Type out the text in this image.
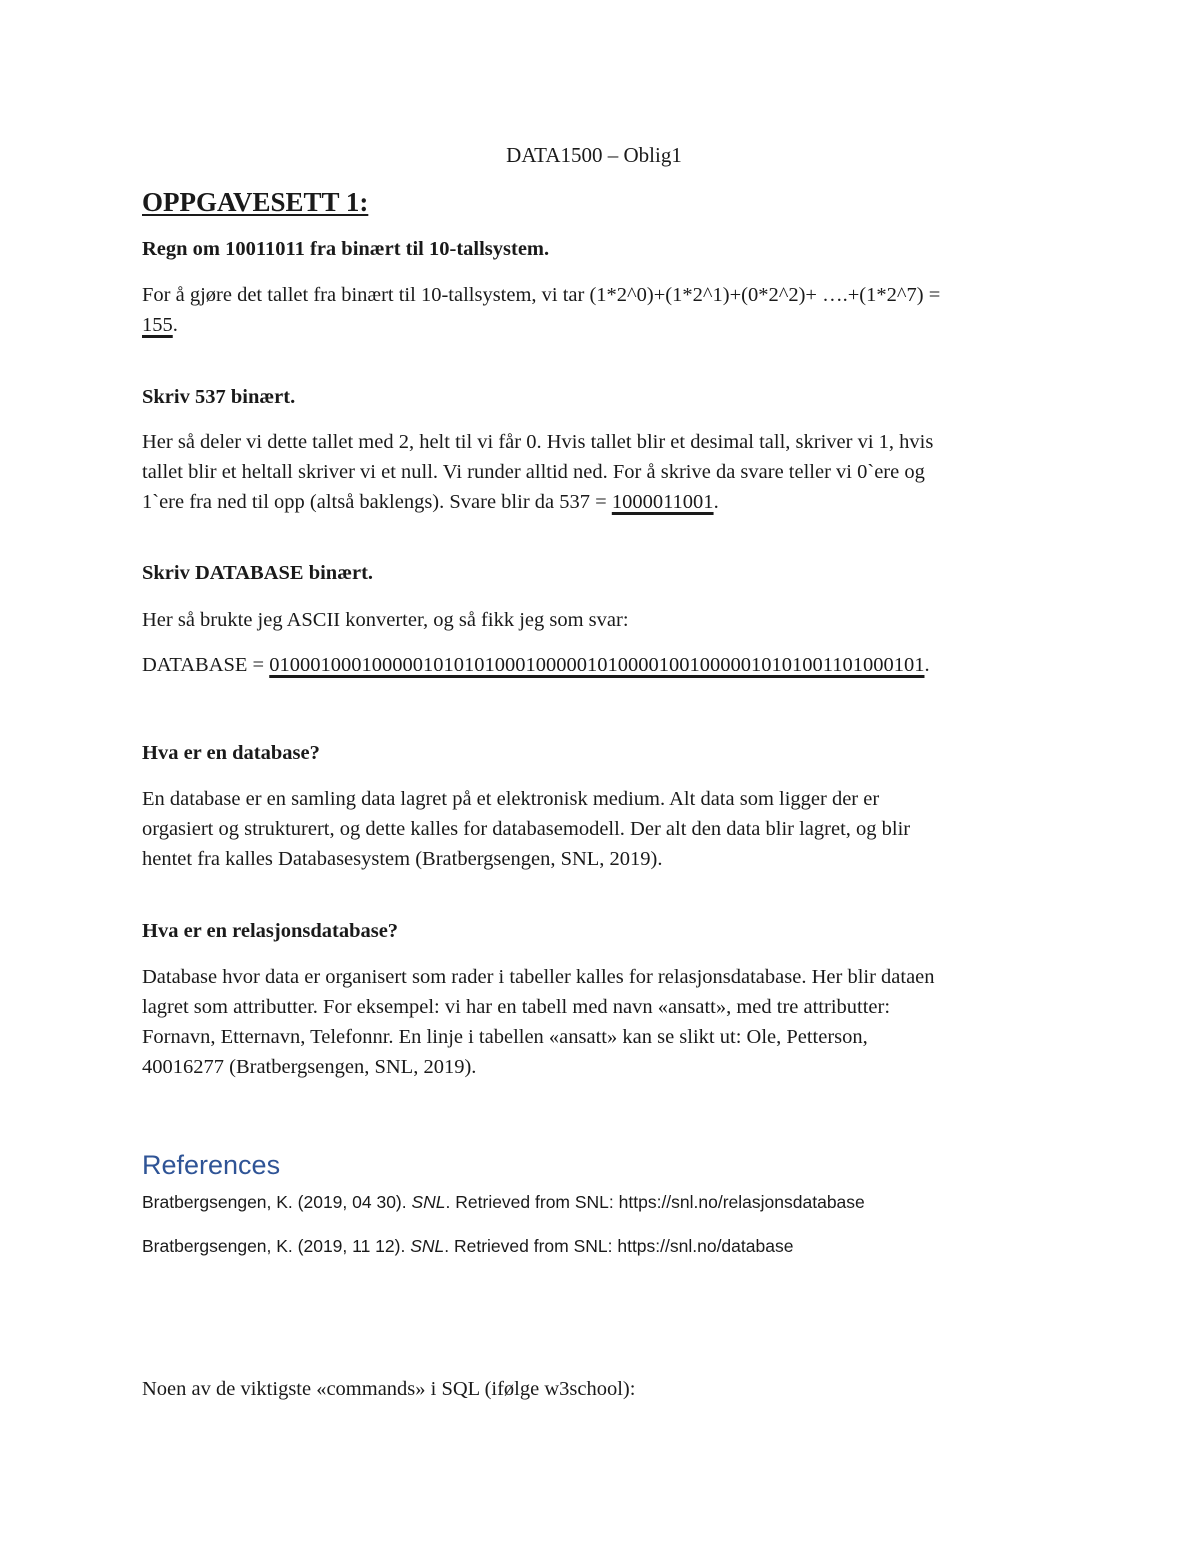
DATA1500 – Oblig1
OPPGAVESETT 1:
Regn om 10011011 fra binært til 10-tallsystem.
For å gjøre det tallet fra binært til 10-tallsystem, vi tar (1*2^0)+(1*2^1)+(0*2^2)+ ….+(1*2^7) =
155.
Skriv 537 binært.
Her så deler vi dette tallet med 2, helt til vi får 0. Hvis tallet blir et desimal tall, skriver vi 1, hvis
tallet blir et heltall skriver vi et null. Vi runder alltid ned. For å skrive da svare teller vi 0`ere og
1`ere fra ned til opp (altså baklengs). Svare blir da 537 = 1000011001.
Skriv DATABASE binært.
Her så brukte jeg ASCII konverter, og så fikk jeg som svar:
DATABASE = 0100010001000001010101000100000101000010010000010101001101000101.
Hva er en database?
En database er en samling data lagret på et elektronisk medium. Alt data som ligger der er
orgasiert og strukturert, og dette kalles for databasemodell. Der alt den data blir lagret, og blir
hentet fra kalles Databasesystem (Bratbergsengen, SNL, 2019).
Hva er en relasjonsdatabase?
Database hvor data er organisert som rader i tabeller kalles for relasjonsdatabase. Her blir dataen
lagret som attributter. For eksempel: vi har en tabell med navn «ansatt», med tre attributter:
Fornavn, Etternavn, Telefonnr. En linje i tabellen «ansatt» kan se slikt ut: Ole, Petterson,
40016277 (Bratbergsengen, SNL, 2019).
References
Bratbergsengen, K. (2019, 04 30). SNL. Retrieved from SNL: https://snl.no/relasjonsdatabase
Bratbergsengen, K. (2019, 11 12). SNL. Retrieved from SNL: https://snl.no/database
Noen av de viktigste «commands» i SQL (ifølge w3school):
